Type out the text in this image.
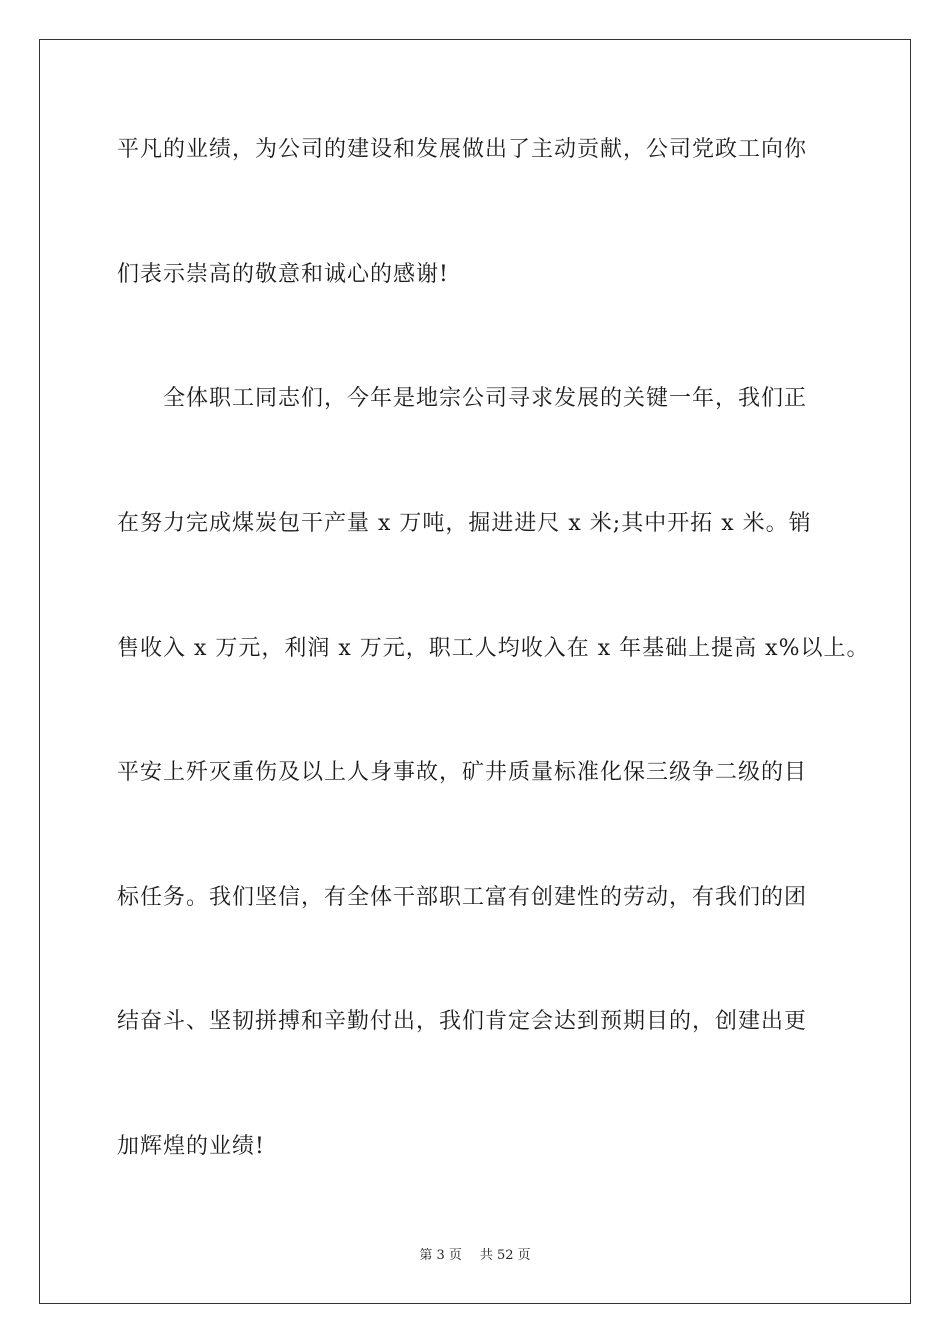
平凡的业绩，为公司的建设和发展做出了主动贡献，公司党政工向你
们表示崇高的敬意和诚心的感谢!
全体职工同志们，今年是地宗公司寻求发展的关键一年，我们正
在努力完成煤炭包干产量 x 万吨，掘进进尺 x 米;其中开拓 x 米。销
售收入 x 万元，利润 x 万元，职工人均收入在 x 年基础上提高 x%以上。
平安上歼灭重伤及以上人身事故，矿井质量标准化保三级争二级的目
标任务。我们坚信，有全体干部职工富有创建性的劳动，有我们的团
结奋斗、坚韧拼搏和辛勤付出，我们肯定会达到预期目的，创建出更
加辉煌的业绩!
第 3 页 共 52 页
